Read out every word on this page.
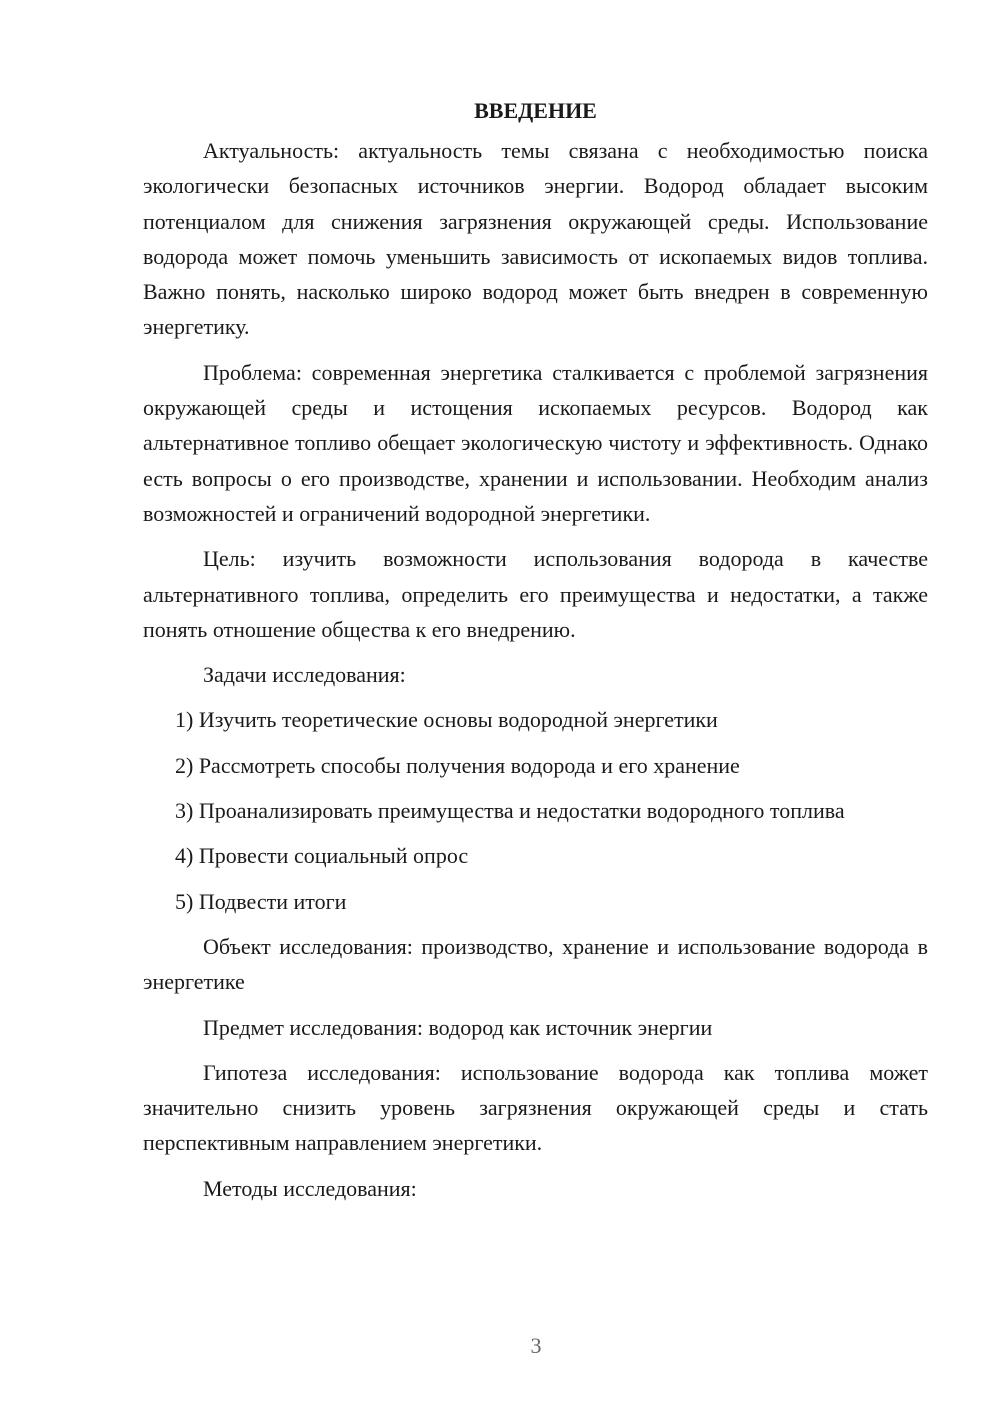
ВВЕДЕНИЕ

Актуальность: актуальность темы связана с необходимостью поиска экологически безопасных источников энергии. Водород обладает высоким потенциалом для снижения загрязнения окружающей среды. Использование водорода может помочь уменьшить зависимость от ископаемых видов топлива. Важно понять, насколько широко водород может быть внедрен в современную энергетику.

Проблема: современная энергетика сталкивается с проблемой загрязнения окружающей среды и истощения ископаемых ресурсов. Водород как альтернативное топливо обещает экологическую чистоту и эффективность. Однако есть вопросы о его производстве, хранении и использовании. Необходим анализ возможностей и ограничений водородной энергетики.

Цель: изучить возможности использования водорода в качестве альтернативного топлива, определить его преимущества и недостатки, а также понять отношение общества к его внедрению.

Задачи исследования:

1) Изучить теоретические основы водородной энергетики

2) Рассмотреть способы получения водорода и его хранение

3) Проанализировать преимущества и недостатки водородного топлива

4) Провести социальный опрос

5) Подвести итоги

Объект исследования: производство, хранение и использование водорода в энергетике

Предмет исследования: водород как источник энергии

Гипотеза исследования: использование водорода как топлива может значительно снизить уровень загрязнения окружающей среды и стать перспективным направлением энергетики.

Методы исследования:

3
